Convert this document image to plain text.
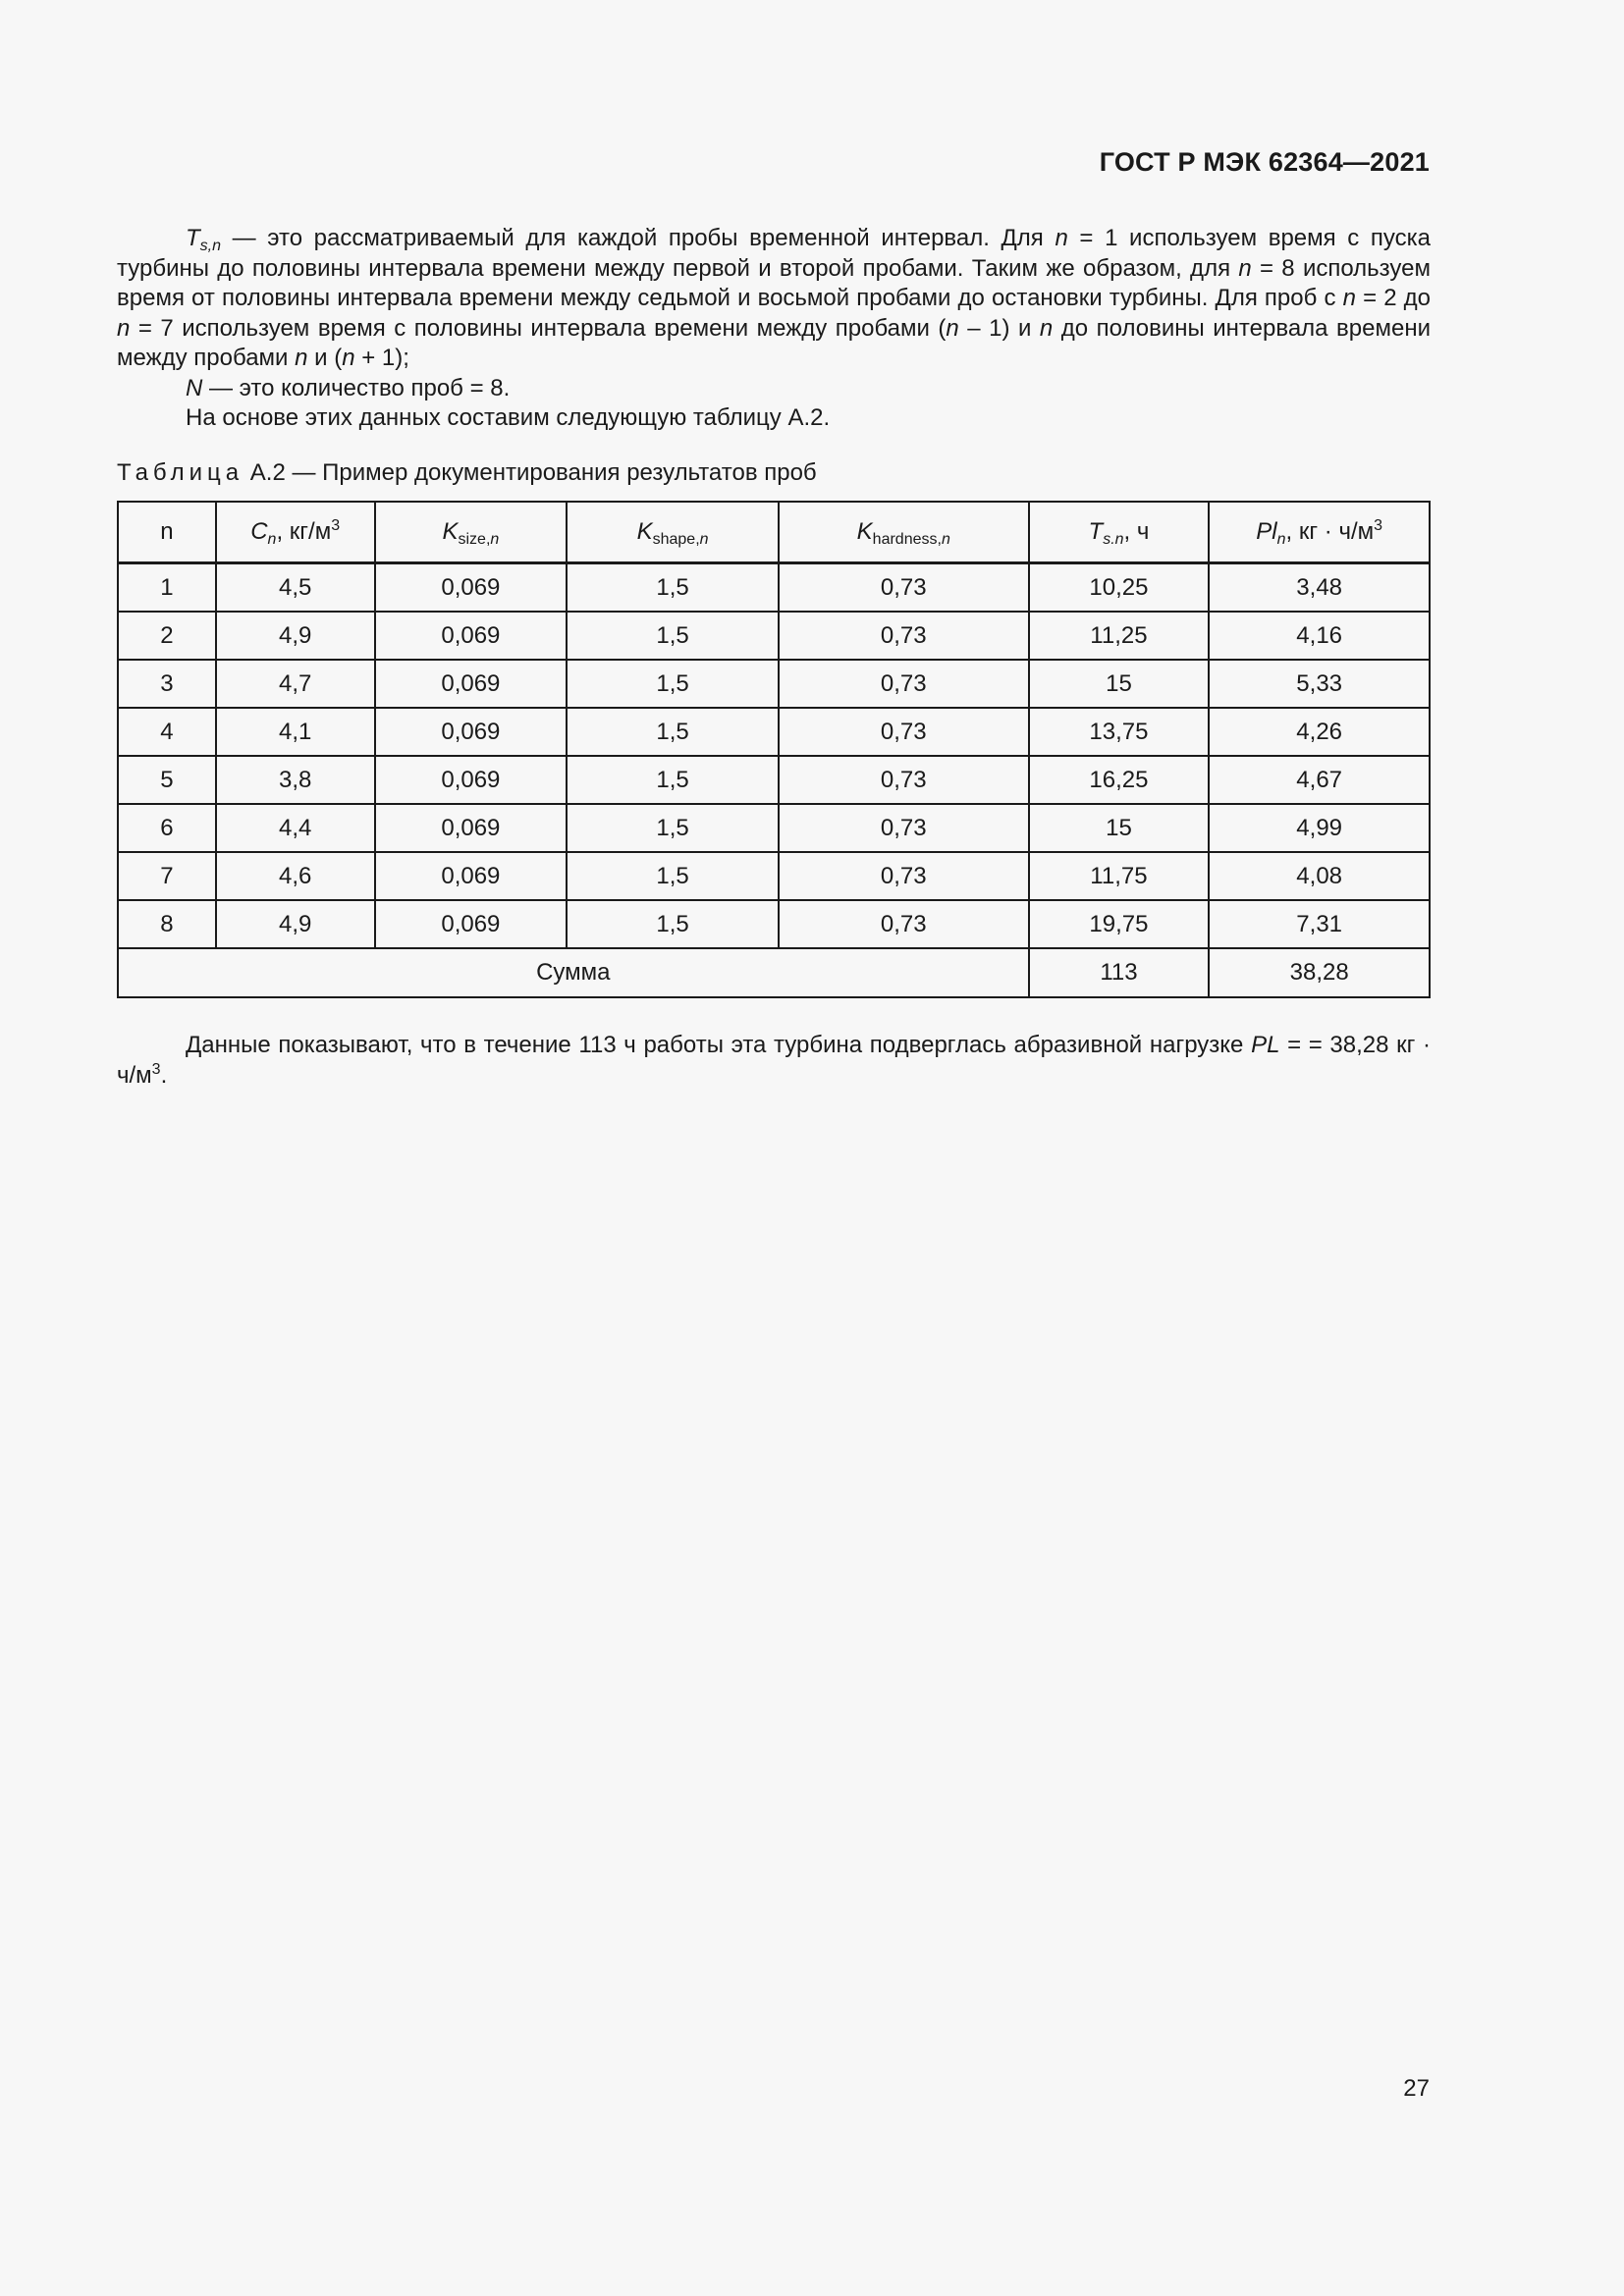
ГОСТ Р МЭК 62364—2021

$T_{s,n}$ — это рассматриваемый для каждой пробы временной интервал. Для n = 1 используем время с пуска турбины до половины интервала времени между первой и второй пробами. Таким же образом, для n = 8 используем время от половины интервала времени между седьмой и восьмой пробами до остановки турбины. Для проб с n = 2 до n = 7 используем время с половины интервала времени между пробами (n – 1) и n до половины интервала времени между пробами n и (n + 1);

N — это количество проб = 8.

На основе этих данных составим следующую таблицу А.2.

Таблица А.2 — Пример документирования результатов проб
n	$C_n$, $кг/м^3$	$K_{size,n}$	$K_{shape,n}$	$K_{hardness,n}$	$T_{s.n}$, ч	$Pl_n$, кг · $ч/м^3$
1	4,5	0,069	1,5	0,73	10,25	3,48
2	4,9	0,069	1,5	0,73	11,25	4,16
3	4,7	0,069	1,5	0,73	15	5,33
4	4,1	0,069	1,5	0,73	13,75	4,26
5	3,8	0,069	1,5	0,73	16,25	4,67
6	4,4	0,069	1,5	0,73	15	4,99
7	4,6	0,069	1,5	0,73	11,75	4,08
8	4,9	0,069	1,5	0,73	19,75	7,31
Сумма					113	38,28

Данные показывают, что в течение 113 ч работы эта турбина подверглась абразивной нагрузке PL = = 38,28 кг · $ч/м^3$.

27
